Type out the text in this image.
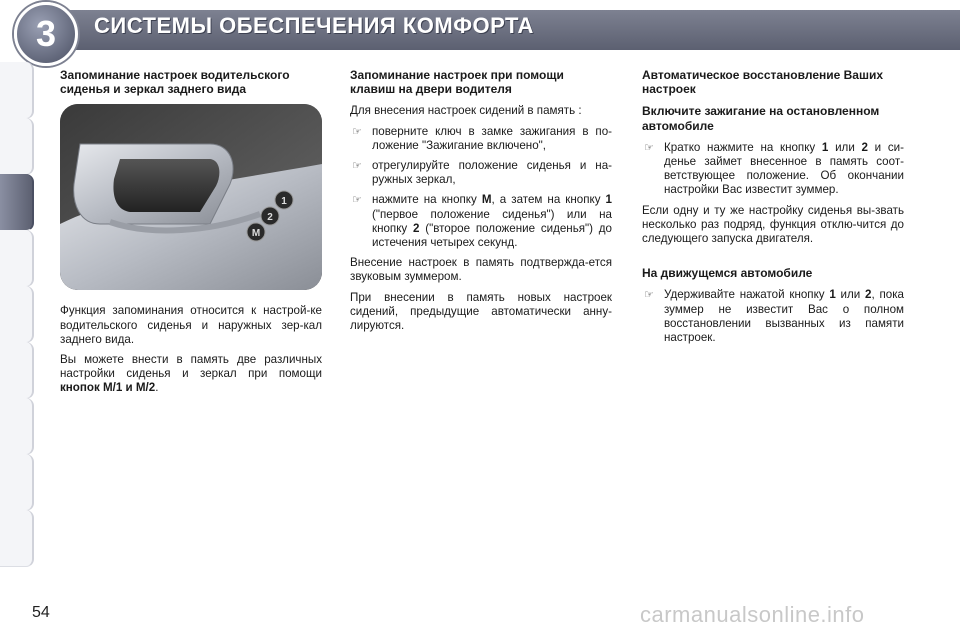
3	СИСТЕМЫ ОБЕСПЕЧЕНИЯ КОМФОРТА
Запоминание настроек водительского сиденья и зеркал заднего вида
1
2
M
Функция запоминания относится к настрой-ке водительского сиденья и наружных зер-кал заднего вида.
Вы можете внести в память две различных настройки сиденья и зеркал при помощи кнопок М/1 и М/2.
Запоминание настроек при помощи клавиш на двери водителя
Для внесения настроек сидений в память :
☞ поверните ключ в замке зажигания в по-ложение "Зажигание включено",
☞ отрегулируйте положение сиденья и на-ружных зеркал,
☞ нажмите на кнопку М, а затем на кнопку 1 ("первое положение сиденья") или на кнопку 2 ("второе положение сиденья") до истечения четырех секунд.
Внесение настроек в память подтвержда-ется звуковым зуммером.
При внесении в память новых настроек сидений, предыдущие автоматически анну-лируются.
Автоматическое восстановление Ваших настроек
Включите зажигание на остановленном автомобиле
☞ Кратко нажмите на кнопку 1 или 2 и си-денье займет внесенное в память соот-ветствующее положение. Об окончании настройки Вас известит зуммер.
Если одну и ту же настройку сиденья вы-звать несколько раз подряд, функция отклю-чится до следующего запуска двигателя.
На движущемся автомобиле
☞ Удерживайте нажатой кнопку 1 или 2, пока зуммер не известит Вас о полном восстановлении вызванных из памяти настроек.
54	carmanualsonline.info
